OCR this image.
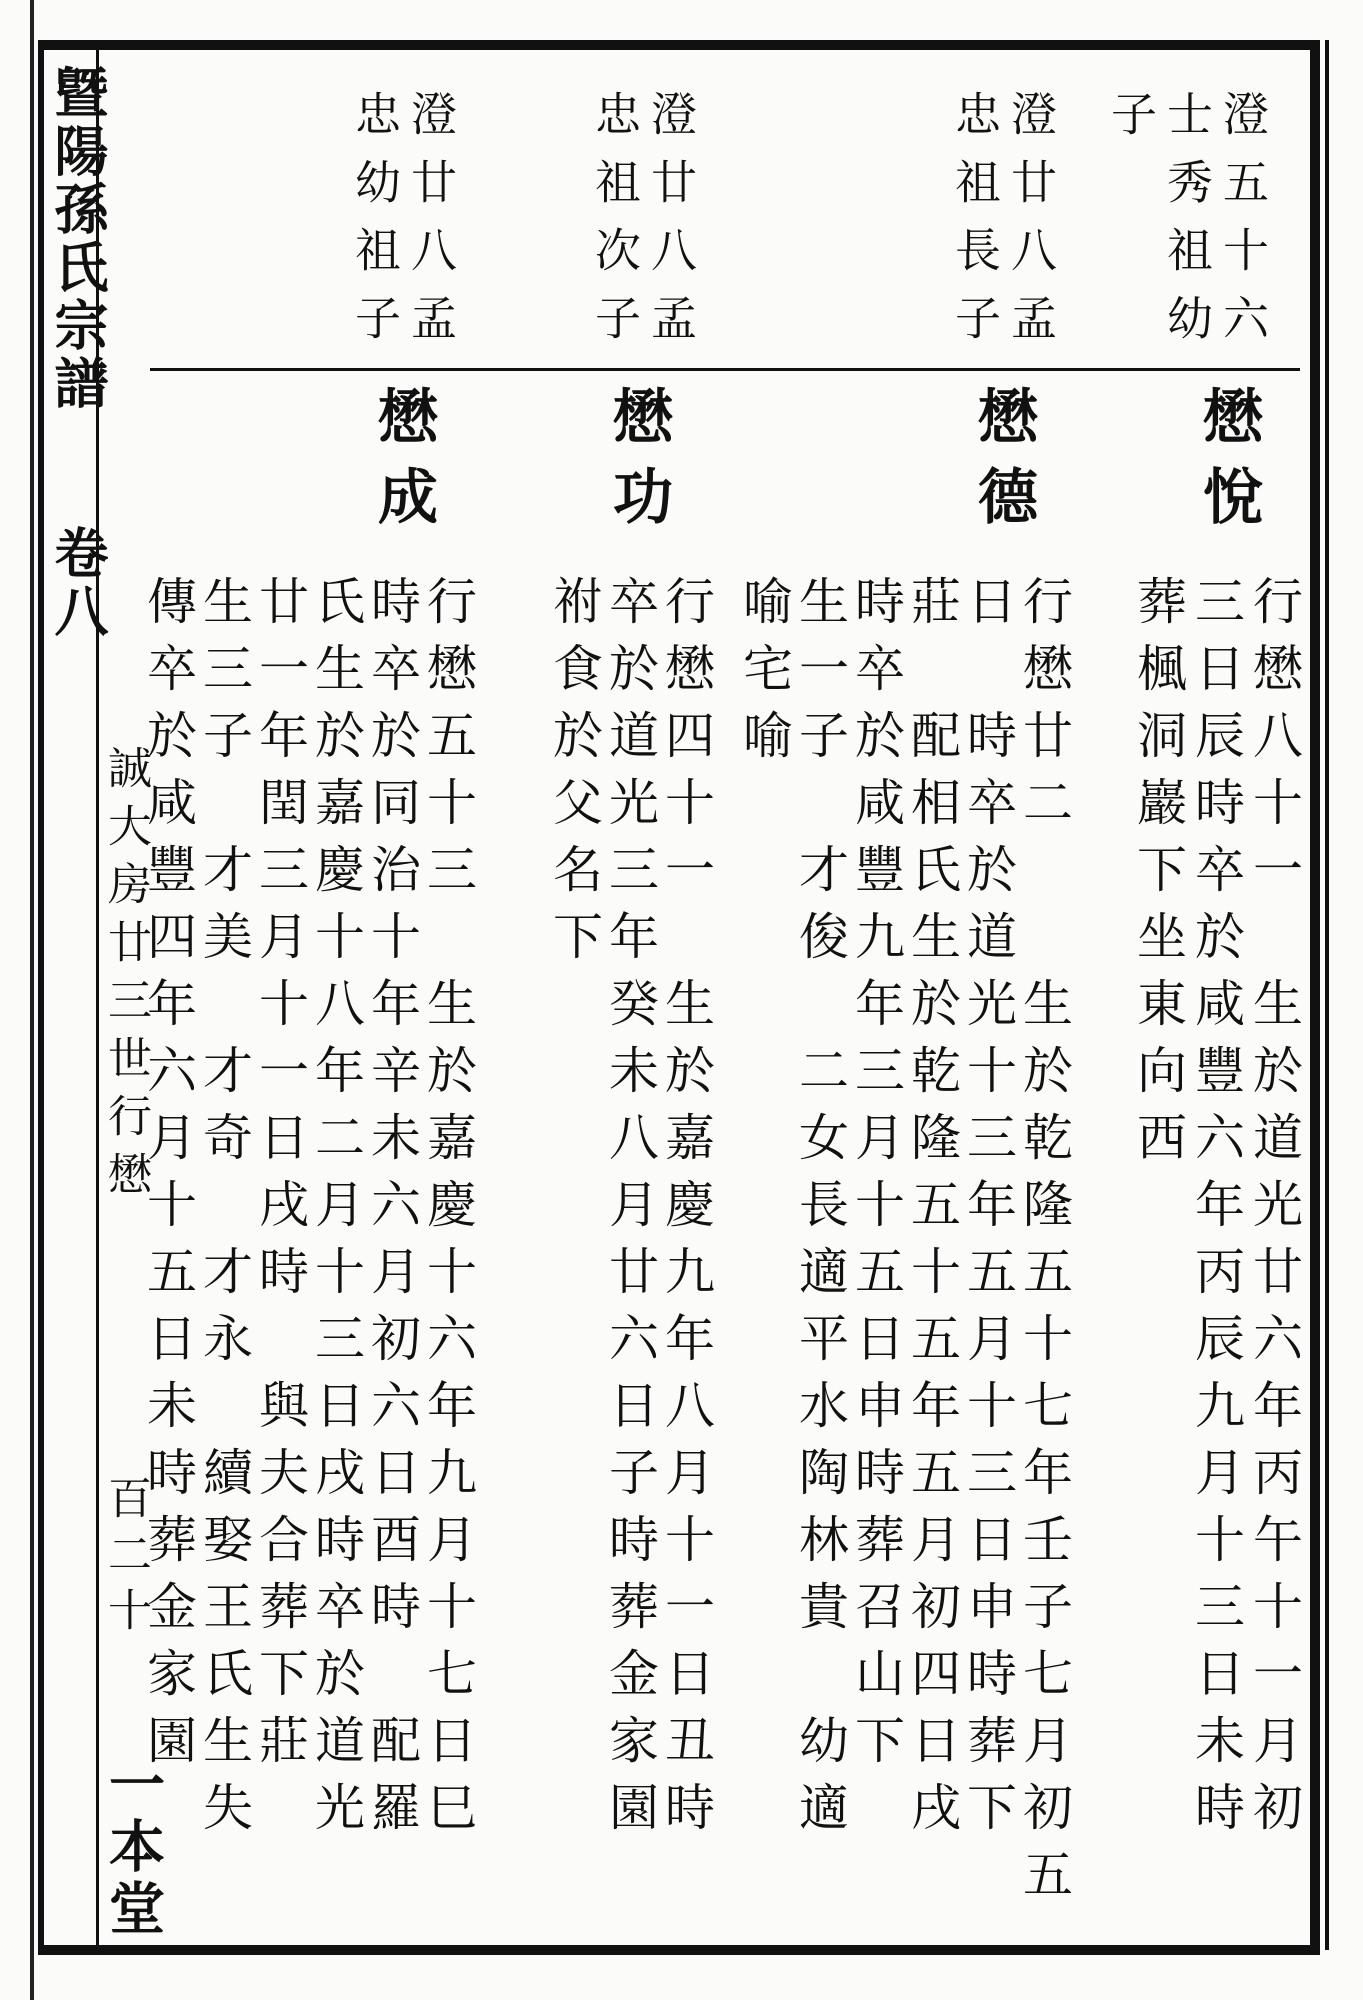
曁陽孫氏宗譜
卷八
誠大房廿三世行懋
百二十
一本堂
澄五十六
士秀祖幼
子
澄廿八孟
忠祖長子
澄廿八孟
忠祖次子
澄廿八孟
忠幼祖子
懋悅
行懋八十一　生於道光廿六年丙午十一月初
三日辰時卒於咸豐六年丙辰九月十三日未時
葬楓洞巖下坐東向西
懋德
行懋廿二　　生於乾隆五十七年壬子七月初五
日　時卒於道光十三年五月十三日申時葬下
莊　配相氏生於乾隆五十五年五月初四日戌
時卒於咸豐九年三月十五日申時葬召山下
生一子　才俊　二女長適平水陶林貴　幼適
喻宅喻
懋功
行懋四十一　生於嘉慶九年八月十一日丑時
卒於道光三年癸未八月廿六日子時葬金家園
祔食於父名下
懋成
行懋五十三　生於嘉慶十六年九月十七日巳
時卒於同治十年辛未六月初六日酉時　配羅
氏生於嘉慶十八年二月十三日戌時卒於道光
廿一年閏三月十一日戌時　與夫合葬下莊
生三子　才美　才奇　才永　續娶王氏生失
傳卒於咸豐四年六月十五日未時葬金家園
